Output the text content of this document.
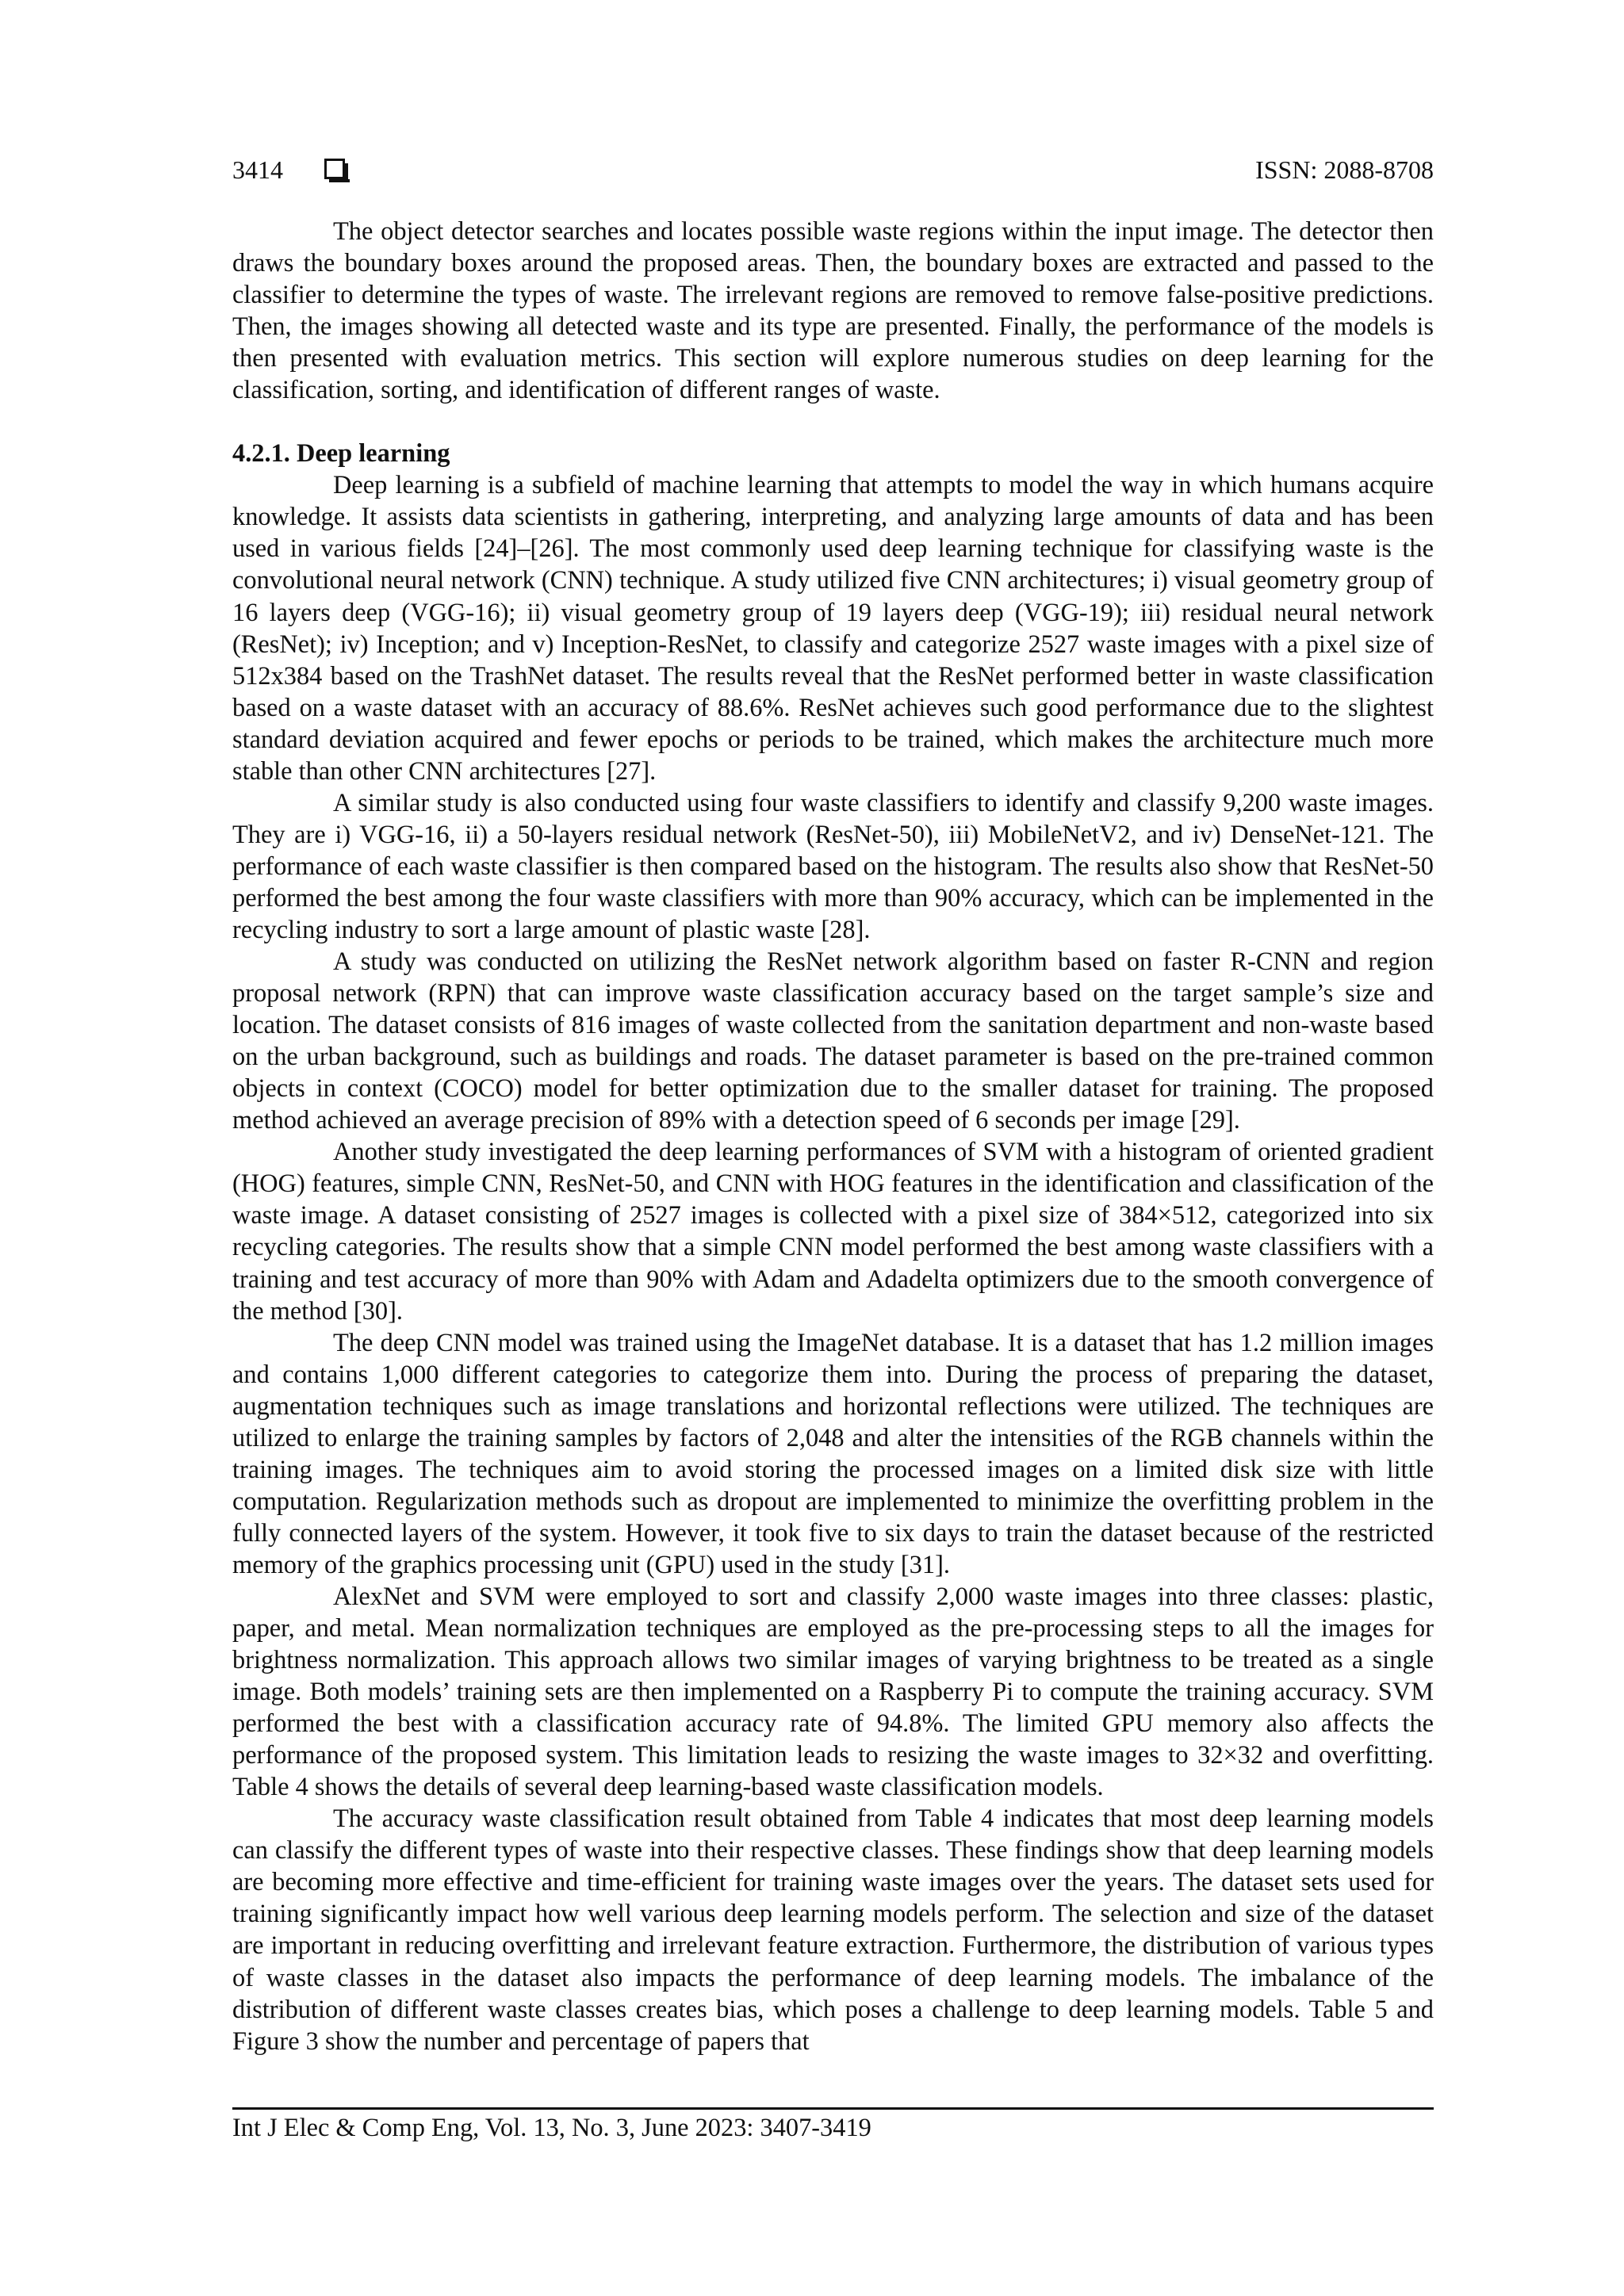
3414	ISSN: 2088-8708

The object detector searches and locates possible waste regions within the input image. The detector then draws the boundary boxes around the proposed areas. Then, the boundary boxes are extracted and passed to the classifier to determine the types of waste. The irrelevant regions are removed to remove false-positive predictions. Then, the images showing all detected waste and its type are presented. Finally, the performance of the models is then presented with evaluation metrics. This section will explore numerous studies on deep learning for the classification, sorting, and identification of different ranges of waste.

4.2.1. Deep learning

Deep learning is a subfield of machine learning that attempts to model the way in which humans acquire knowledge. It assists data scientists in gathering, interpreting, and analyzing large amounts of data and has been used in various fields [24]–[26]. The most commonly used deep learning technique for classifying waste is the convolutional neural network (CNN) technique. A study utilized five CNN architectures; i) visual geometry group of 16 layers deep (VGG-16); ii) visual geometry group of 19 layers deep (VGG-19); iii) residual neural network (ResNet); iv) Inception; and v) Inception-ResNet, to classify and categorize 2527 waste images with a pixel size of 512x384 based on the TrashNet dataset. The results reveal that the ResNet performed better in waste classification based on a waste dataset with an accuracy of 88.6%. ResNet achieves such good performance due to the slightest standard deviation acquired and fewer epochs or periods to be trained, which makes the architecture much more stable than other CNN architectures [27].

A similar study is also conducted using four waste classifiers to identify and classify 9,200 waste images. They are i) VGG-16, ii) a 50-layers residual network (ResNet-50), iii) MobileNetV2, and iv) DenseNet-121. The performance of each waste classifier is then compared based on the histogram. The results also show that ResNet-50 performed the best among the four waste classifiers with more than 90% accuracy, which can be implemented in the recycling industry to sort a large amount of plastic waste [28].

A study was conducted on utilizing the ResNet network algorithm based on faster R-CNN and region proposal network (RPN) that can improve waste classification accuracy based on the target sample’s size and location. The dataset consists of 816 images of waste collected from the sanitation department and non-waste based on the urban background, such as buildings and roads. The dataset parameter is based on the pre-trained common objects in context (COCO) model for better optimization due to the smaller dataset for training. The proposed method achieved an average precision of 89% with a detection speed of 6 seconds per image [29].

Another study investigated the deep learning performances of SVM with a histogram of oriented gradient (HOG) features, simple CNN, ResNet-50, and CNN with HOG features in the identification and classification of the waste image. A dataset consisting of 2527 images is collected with a pixel size of 384×512, categorized into six recycling categories. The results show that a simple CNN model performed the best among waste classifiers with a training and test accuracy of more than 90% with Adam and Adadelta optimizers due to the smooth convergence of the method [30].

The deep CNN model was trained using the ImageNet database. It is a dataset that has 1.2 million images and contains 1,000 different categories to categorize them into. During the process of preparing the dataset, augmentation techniques such as image translations and horizontal reflections were utilized. The techniques are utilized to enlarge the training samples by factors of 2,048 and alter the intensities of the RGB channels within the training images. The techniques aim to avoid storing the processed images on a limited disk size with little computation. Regularization methods such as dropout are implemented to minimize the overfitting problem in the fully connected layers of the system. However, it took five to six days to train the dataset because of the restricted memory of the graphics processing unit (GPU) used in the study [31].

AlexNet and SVM were employed to sort and classify 2,000 waste images into three classes: plastic, paper, and metal. Mean normalization techniques are employed as the pre-processing steps to all the images for brightness normalization. This approach allows two similar images of varying brightness to be treated as a single image. Both models’ training sets are then implemented on a Raspberry Pi to compute the training accuracy. SVM performed the best with a classification accuracy rate of 94.8%. The limited GPU memory also affects the performance of the proposed system. This limitation leads to resizing the waste images to 32×32 and overfitting. Table 4 shows the details of several deep learning-based waste classification models.

The accuracy waste classification result obtained from Table 4 indicates that most deep learning models can classify the different types of waste into their respective classes. These findings show that deep learning models are becoming more effective and time-efficient for training waste images over the years. The dataset sets used for training significantly impact how well various deep learning models perform. The selection and size of the dataset are important in reducing overfitting and irrelevant feature extraction. Furthermore, the distribution of various types of waste classes in the dataset also impacts the performance of deep learning models. The imbalance of the distribution of different waste classes creates bias, which poses a challenge to deep learning models. Table 5 and Figure 3 show the number and percentage of papers that

Int J Elec & Comp Eng, Vol. 13, No. 3, June 2023: 3407-3419
